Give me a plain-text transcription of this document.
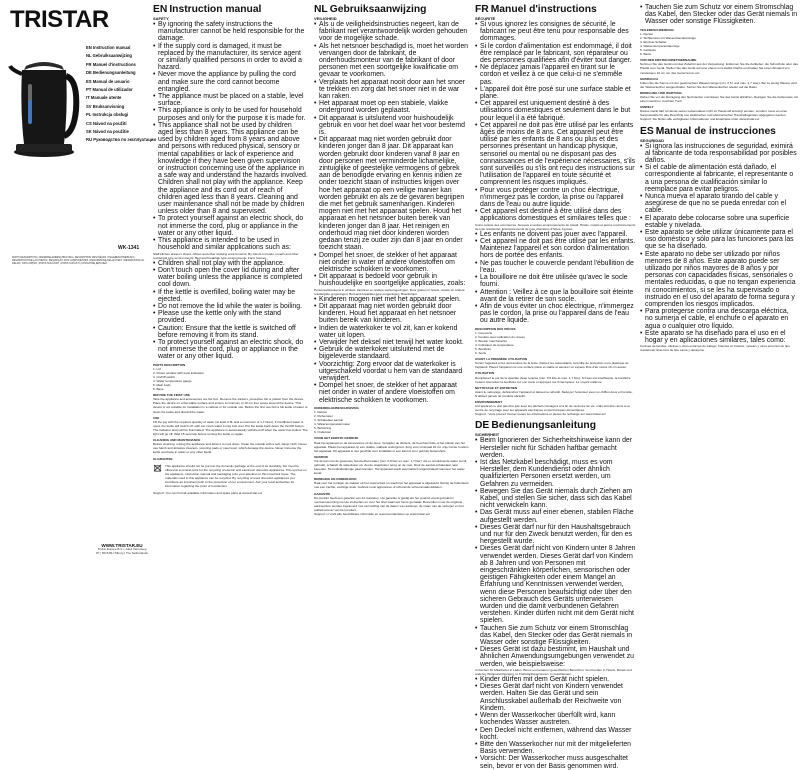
TRISTAR
EN Instruction manual
NL Gebruiksaanwijzing
FR Manuel d'instructions
DE Bedienungsanleitung
ES Manual de usuario
PT Manual de utilizador
IT Manuale utente
SV Bruksanvisning
PL Instrukcja obsługi
CS Návod na použití
SK Návod na použitie
RU Руководство по эксплуатации
WK-1341
PARTS DESCRIPTION | ONDERDELENBESCHRIJVING | DESCRIPTION DES PIÈCES | TEILEBESCHREIBUNG | DESCRIPCIÓN DE LAS PIEZAS | DESCRIÇÃO DOS COMPONENTES | DESCRIZIONE DELLE PARTI | BESKRIVNING AV DELAR | OPIS CZĘŚCI | POPIS SOUČÁSTÍ | POPIS SÚČASTÍ | ОПИСАНИЕ ДЕТАЛЕЙ
WWW.TRISTAR.EU
Tristar Europe B.V. | Jules Verneweg 87 | 5015 BH Tilburg | The Netherlands
EN Instruction manual
SAFETY

• By ignoring the safety instructions the manufacturer cannot be held responsible for the damage.

• If the supply cord is damaged, it must be replaced by the manufacturer, its service agent or similarly qualified persons in order to avoid a hazard.

• Never move the appliance by pulling the cord and make sure the cord cannot become entangled.

• The appliance must be placed on a stable, level surface.

• This appliance is only to be used for household purposes and only for the purpose it is made for.

• This appliance shall not be used by children aged less than 8 years. This appliance can be used by children aged from 8 years and above and persons with reduced physical, sensory or mental capabilities or lack of experience and knowledge if they have been given supervision or instruction concerning use of the appliance in a safe way and understand the hazards involved. Children shall not play with the appliance. Keep the appliance and its cord out of reach of children aged less than 8 years. Cleaning and user maintenance shall not be made by children unless older than 8 and supervised.

• To protect yourself against an electric shock, do not immerse the cord, plug or appliance in the water or any other liquid.

• This appliance is intended to be used in household and similar applications such as:

Staff kitchen areas in shops, offices and other working environments; By clients in hotels, motels and other residential type environments; Bed and breakfast type environments; Farm houses.

• Children shall not play with the appliance.

• Don't touch open the cover lid during and after water boiling unless the appliance is completed cool down.

• If the kettle is overfilled, boiling water may be ejected.

• Do not remove the lid while the water is boiling.

• Please use the kettle only with the stand provided.

• Caution: Ensure that the kettle is switched off before removing it from its stand.

• To protect yourself against an electric shock, do not immerse the cord, plug or appliance in the water or any other liquid.

PARTS DESCRIPTION

1. Lid

2. Power window with level indication

3. On/Off switch

4. Water temperature gauge

5. Main body

6. Base

BEFORE THE FIRST USE

Take the appliance and accessories out the box. Remove the stickers, protective foil or plastic from the device. Place the device on a flat stable surface and ensure a minimum of 10 cm free space around the device. This device is not suitable for installation in a cabinet or for outside use. Before the first use boil a full kettle of water to clean the kettle and discard the water.

USE

Fill the jug with the required quantity of water (at least 0.5L and a maximum of 1.7 litres). If insufficient water is used, the kettle will switch off, with too much water it may boil over. Put the kettle back down the On/Off button. The indicator lamp will be illuminated. The appliance is automatically switched off when the water has boiled. The light will go off. Wait 15 seconds before turning the kettle on again.

CLEANING AND MAINTENANCE

Before cleaning, unplug the appliance and allow it to cool down. Clean the outside with a soft, damp cloth. Never use harsh and abrasive cleaners, scouring pads or steel wool, which damage the device. Never immerse the kettle and base in water or any other liquid.

GUARANTEE

This appliance should not be put into the domestic garbage at the end of its durability, but must be offered at a central point for the recycling of electric and electronic domestic appliances. This symbol on the appliance, instruction manual and packaging puts your attention to this important issue. The materials used in this appliance can be recycled. By recycling of used domestic appliances you contribute an important push to the protection of our environment. Ask your local authorities for information regarding the point of recollection.

Support: You can find all available information and spare parts at www.tristar.eu!

NL Gebruiksaanwijzing
VEILIGHEID

• Als u de veiligheidsinstructies negeert, kan de fabrikant niet verantwoordelijk worden gehouden voor de mogelijke schade.

• Als het netsnoer beschadigd is, moet het worden vervangen door de fabrikant, de onderhoudsmonteur van de fabrikant of door personen met een soortgelijke kwalificatie om gevaar te voorkomen.

• Verplaats het apparaat nooit door aan het snoer te trekken en zorg dat het snoer niet in de war kan raken.

• Het apparaat moet op een stabiele, vlakke ondergrond worden geplaatst.

• Dit apparaat is uitsluitend voor huishoudelijk gebruik en voor het doel waar het voor bestemd is.

• Dit apparaat mag niet worden gebruikt door kinderen jonger dan 8 jaar. Dit apparaat kan worden gebruikt door kinderen vanaf 8 jaar en door personen met verminderde lichamelijke, zintuiglijke of geestelijke vermogens of gebrek aan de benodigde ervaring en kennis indien ze onder toezicht staan of instructies krijgen over hoe het apparaat op een veilige manier kan worden gebruikt en als ze de gevaren begrijpen die met het gebruik samenhangen. Kinderen mogen niet met het apparaat spelen. Houd het apparaat en het netsnoer buiten bereik van kinderen jonger dan 8 jaar. Het reinigen en onderhoud mag niet door kinderen worden gedaan tenzij ze ouder zijn dan 8 jaar en onder toezicht staan.

• Dompel het snoer, de stekker of het apparaat niet onder in water of andere vloeistoffen om elektrische schokken te voorkomen.

• Dit apparaat is bedoeld voor gebruik in huishoudelijke en soortgelijke applicaties, zoals:

Personeelskeukens in winkels, kantoren en andere werkomgevingen; Door gasten in hotels, motels en andere residentiële omgevingen; Bed-and-breakfast-type omgevingen; Boerderijen.

• Kinderen mogen niet met het apparaat spelen.

• Dit apparaat mag niet worden gebruikt door kinderen. Houd het apparaat en het netsnoer buiten bereik van kinderen.

• Indien de waterkoker te vol zit, kan er kokend water uit lopen.

• Verwijder het deksel niet terwijl het water kookt.

• Gebruik de waterkoker uitsluitend met de bijgeleverde standaard.

• Voorzichtig: Zorg ervoor dat de waterkoker is uitgeschakeld voordat u hem van de standaard verwijdert.

• Dompel het snoer, de stekker of het apparaat niet onder in water of andere vloeistoffen om elektrische schokken te voorkomen.

ONDERDELENBESCHRIJVING

1. Deksel

2. Peilvenster

3. Schakelaar aan/uit

4. Watertemperatuurmeter

5. Behuizing

6. Onderstel

VOOR HET EERSTE GEBRUIK

Haal het apparaat en de accessoires uit de doos. Verwijder de stickers, de beschermfolie of het plastic van het apparaat. Plaats het apparaat op een vlakke, stabiele ondergrond. Zorg voor minimaal 10 cm vrije ruimte rondom het apparaat. Dit apparaat is niet geschikt voor installatie in een kast of voor gebruik buitenshuis.

GEBRUIK

Vul de kan met de gewenste hoeveelheid water (min. 0,5 liter en max. 1,7 liter). Als er onvoldoende water wordt gebruikt, schakelt de waterkoker uit. Zet de waterkoker terug op de voet. Druk de aan/uit-schakelaar naar beneden. Het indicatielampje gaat branden. Het apparaat wordt automatisch uitgeschakeld wanneer het water kookt.

REINIGING EN ONDERHOUD

Haal voor het reinigen de stekker uit het stopcontact en wacht tot het apparaat is afgekoeld. Reinig de buitenkant met een zachte, vochtige doek. Gebruik nooit agressieve of schurende schoonmaakmiddelen.

GARANTIE

Dit product heeft een garantie van 24 maanden. Uw garantie is geldig als het product wordt gebruikt in overeenstemming met de instructies en voor het doel waarvoor het is gemaakt. Bovendien moet de originele aankoopbon worden ingeleverd met vermelding van de datum van aankoop, de naam van de verkoper en het artikelnummer van het product.

Support: U vindt alle beschikbare informatie en reserveonderdelen op www.tristar.eu!

FR Manuel d'instructions
SÉCURITÉ

• Si vous ignorez les consignes de sécurité, le fabricant ne peut être tenu pour responsable des dommages.

• Si le cordon d'alimentation est endommagé, il doit être remplacé par le fabricant, son réparateur ou des personnes qualifiées afin d'éviter tout danger.

• Ne déplacez jamais l'appareil en tirant sur le cordon et veillez à ce que celui-ci ne s'emmêle pas.

• L'appareil doit être posé sur une surface stable et plane.

• Cet appareil est uniquement destiné à des utilisations domestiques et seulement dans le but pour lequel il a été fabriqué.

• Cet appareil ne doit pas être utilisé par les enfants âgés de moins de 8 ans. Cet appareil peut être utilisé par les enfants de 8 ans ou plus et des personnes présentant un handicap physique, sensoriel ou mental ou ne disposant pas des connaissances et de l'expérience nécessaires, s'ils sont surveillés ou s'ils ont reçu des instructions sur l'utilisation de l'appareil en toute sécurité et comprennent les risques impliqués.

• Pour vous protéger contre un choc électrique, n'immergez pas le cordon, la prise ou l'appareil dans de l'eau ou autre liquide.

• Cet appareil est destiné à être utilisé dans des applications domestiques et similaires telles que :

Coins cuisine des commerces, bureaux et autres environnements de travail; Hôtels, motels et autres environnements de type résidentiel; Environnements de type chambres d'hôtes; Fermes.

• Les enfants ne doivent pas jouer avec l'appareil.

• Cet appareil ne doit pas être utilisé par les enfants. Maintenez l'appareil et son cordon d'alimentation hors de portée des enfants.

• Ne pas toucher le couvercle pendant l'ébullition de l'eau.

• La bouilloire ne doit être utilisée qu'avec le socle fourni.

• Attention : Veillez à ce que la bouilloire soit éteinte avant de la retirer de son socle.

• Afin de vous éviter un choc électrique, n'immergez pas le cordon, la prise ou l'appareil dans de l'eau ou autre liquide.

DESCRIPTION DES PIÈCES

1. Couvercle

2. Fenêtre avec indication du niveau

3. Bouton marche/arrêt

4. Indicateur de température

5. Bouilloire

6. Socle

AVANT LA PREMIÈRE UTILISATION

Sortez l'appareil et les accessoires de la boîte. Retirez les autocollants, la feuille de protection ou le plastique de l'appareil. Placez l'appareil sur une surface plane et stable et assurez un espace libre d'au moins 10 cm autour.

UTILISATION

Remplissez le pot de la quantité d'eau requise (min. 0,5 litre et max. 1,7 litre). Si l'eau est insuffisante, la bouilloire s'éteint. Remettez la bouilloire sur son socle et appuyez sur l'interrupteur. Le voyant s'allume.

NETTOYAGE ET ENTRETIEN

Avant le nettoyage, débranchez l'appareil et laissez-le refroidir. Nettoyez l'extérieur avec un chiffon doux et humide. N'utilisez jamais de produits abrasifs.

ENVIRONNEMENT

Cet appareil ne doit pas être jeté avec les déchets ménagers à la fin de sa durée de vie, mais doit être remis à un centre de recyclage pour les appareils électriques et électroniques domestiques.

Support : Vous pouvez trouver toutes les informations et pièces de rechange sur www.tristar.eu!

DE Bedienungsanleitung
SICHERHEIT

• Beim Ignorieren der Sicherheitshinweise kann der Hersteller nicht für Schäden haftbar gemacht werden.

• Ist das Netzkabel beschädigt, muss es vom Hersteller, dem Kundendienst oder ähnlich qualifizierten Personen ersetzt werden, um Gefahren zu vermeiden.

• Bewegen Sie das Gerät niemals durch Ziehen am Kabel, und stellen Sie sicher, dass sich das Kabel nicht verwickeln kann.

• Das Gerät muss auf einer ebenen, stabilen Fläche aufgestellt werden.

• Dieses Gerät darf nur für den Haushaltsgebrauch und nur für den Zweck benutzt werden, für den es hergestellt wurde.

• Dieses Gerät darf nicht von Kindern unter 8 Jahren verwendet werden. Dieses Gerät darf von Kindern ab 8 Jahren und von Personen mit eingeschränkten körperlichen, sensorischen oder geistigen Fähigkeiten oder einem Mangel an Erfahrung und Kenntnissen verwendet werden, wenn diese Personen beaufsichtigt oder über den sicheren Gebrauch des Geräts unterwiesen wurden und die damit verbundenen Gefahren verstehen. Kinder dürfen nicht mit dem Gerät nicht spielen.

• Tauchen Sie zum Schutz vor einem Stromschlag das Kabel, den Stecker oder das Gerät niemals in Wasser oder sonstige Flüssigkeiten.

• Dieses Gerät ist dazu bestimmt, im Haushalt und ähnlichen Anwendungsumgebungen verwendet zu werden, wie beispielsweise:

In Küchen für Mitarbeiter in Läden, Büros und anderen gewerblichen Bereichen; Von Kunden in Hotels, Motels und anderen Wohneinrichtungen; In Frühstückspensionen; In Gutshäusern.

• Kinder dürfen mit dem Gerät nicht spielen.

• Dieses Gerät darf nicht von Kindern verwendet werden. Halten Sie das Gerät und sein Anschlusskabel außerhalb der Reichweite von Kindern.

• Wenn der Wasserkocher überfüllt wird, kann kochendes Wasser austreten.

• Den Deckel nicht entfernen, während das Wasser kocht.

• Bitte den Wasserkocher nur mit der mitgelieferten Basis verwenden.

• Vorsicht: Der Wasserkocher muss ausgeschaltet sein, bevor er von der Basis genommen wird.

• Tauchen Sie zum Schutz vor einem Stromschlag das Kabel, den Stecker oder das Gerät niemals in Wasser oder sonstige Flüssigkeiten.

TEILEBESCHREIBUNG

1. Deckel

2. Sichtfenster mit Wasserstandsanzeige

3. Ein/Aus-Schalter

4. Wassertemperaturanzeige

5. Gehäuse

6. Basis

VOR DER ERSTEN INBETRIEBNAHME

Nehmen Sie das Gerät und das Zubehör aus der Verpackung. Entfernen Sie die Aufkleber, die Schutzfolie oder das Plastik vom Gerät. Stellen Sie das Gerät auf eine ebene und stabile Fläche und halten Sie einen Abstand von mindestens 10 cm um das Gerät herum ein.

GEBRAUCH

Füllen Sie die Kanne mit der gewünschten Wassermenge (min. 0,5 l und max. 1,7 Liter). Bei zu wenig Wasser wird der Wasserkocher ausgeschaltet. Setzen Sie den Wasserkocher wieder auf die Basis.

REINIGUNG UND WARTUNG

Ziehen Sie vor der Reinigung den Netzstecker und lassen Sie das Gerät abkühlen. Reinigen Sie die Außenseite mit einem weichen, feuchten Tuch.

UMWELT

Dieses Gerät darf am Ende seiner Lebensdauer nicht im Hausmüll entsorgt werden, sondern muss an einer Sammelstelle für das Recycling von elektrischen und elektronischen Haushaltsgeräten abgegeben werden.

Support: Sie finden alle verfügbaren Informationen und Ersatzteile unter www.tristar.eu!

ES Manual de instrucciones
SEGURIDAD

• Si ignora las instrucciones de seguridad, eximirá al fabricante de toda responsabilidad por posibles daños.

• Si el cable de alimentación está dañado, el correspondiente al fabricante, el representante o a una persona de cualificación similar lo reemplace para evitar peligros.

• Nunca mueva el aparato tirando del cable y asegúrese de que no se pueda enredar con el cable.

• El aparato debe colocarse sobre una superficie estable y nivelada.

• Este aparato se debe utilizar únicamente para el uso doméstico y sólo para las funciones para las que se ha diseñado.

• Este aparato no debe ser utilizado por niños menores de 8 años. Este aparato puede ser utilizado por niños mayores de 8 años y por personas con capacidades físicas, sensoriales o mentales reducidas, o que no tengan experiencia ni conocimientos, si se les ha supervisado o instruido en el uso del aparato de forma segura y comprenden los riesgos implicados.

• Para protegerse contra una descarga eléctrica, no sumerja el cable, el enchufe o el aparato en agua o cualquier otro líquido.

• Este aparato se ha diseñado para el uso en el hogar y en aplicaciones similares, tales como:

Cocinas de tiendas, oficinas y otros entornos de trabajo; Clientes en hoteles, moteles y otros entornos de tipo residencial; Entornos de tipo cama y desayuno.
